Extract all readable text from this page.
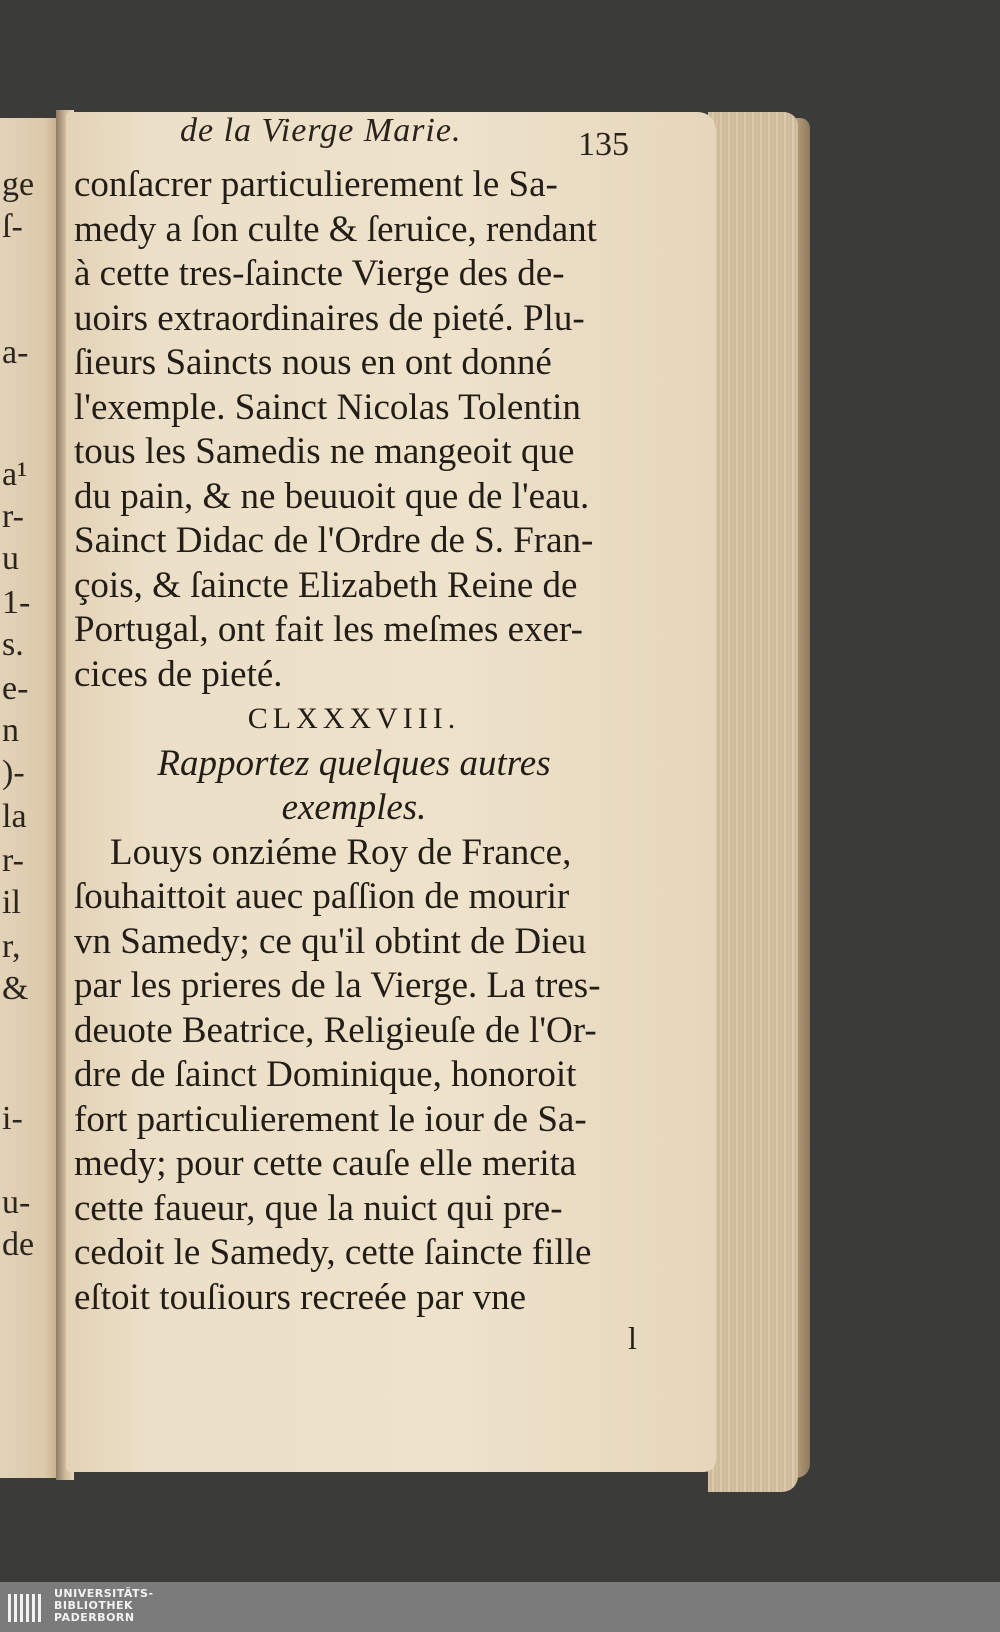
ge
ſ-
a-
a¹
r-
u
1-
s.
e-
n
)-
la
r-
il
r,
&
i-
u-
de
de la Vierge Marie.	135
conſacrer particulierement le Sa-
medy a ſon culte & ſeruice, rendant
à cette tres-ſaincte Vierge des de-
uoirs extraordinaires de pieté. Plu-
ſieurs Saincts nous en ont donné
l'exemple. Sainct Nicolas Tolentin
tous les Samedis ne mangeoit que
du pain, & ne beuuoit que de l'eau.
Sainct Didac de l'Ordre de S. Fran-
çois, & ſaincte Elizabeth Reine de
Portugal, ont fait les meſmes exer-
cices de pieté.
CLXXXVIII.
Rapportez quelques autres
exemples.
Louys onziéme Roy de France,
ſouhaittoit auec paſſion de mourir
vn Samedy; ce qu'il obtint de Dieu
par les prieres de la Vierge. La tres-
deuote Beatrice, Religieuſe de l'Or-
dre de ſainct Dominique, honoroit
fort particulierement le iour de Sa-
medy; pour cette cauſe elle merita
cette faueur, que la nuict qui pre-
cedoit le Samedy, cette ſaincte fille
eſtoit touſiours recreée par vne
l
UNIVERSITÄTS-
BIBLIOTHEK
PADERBORN
